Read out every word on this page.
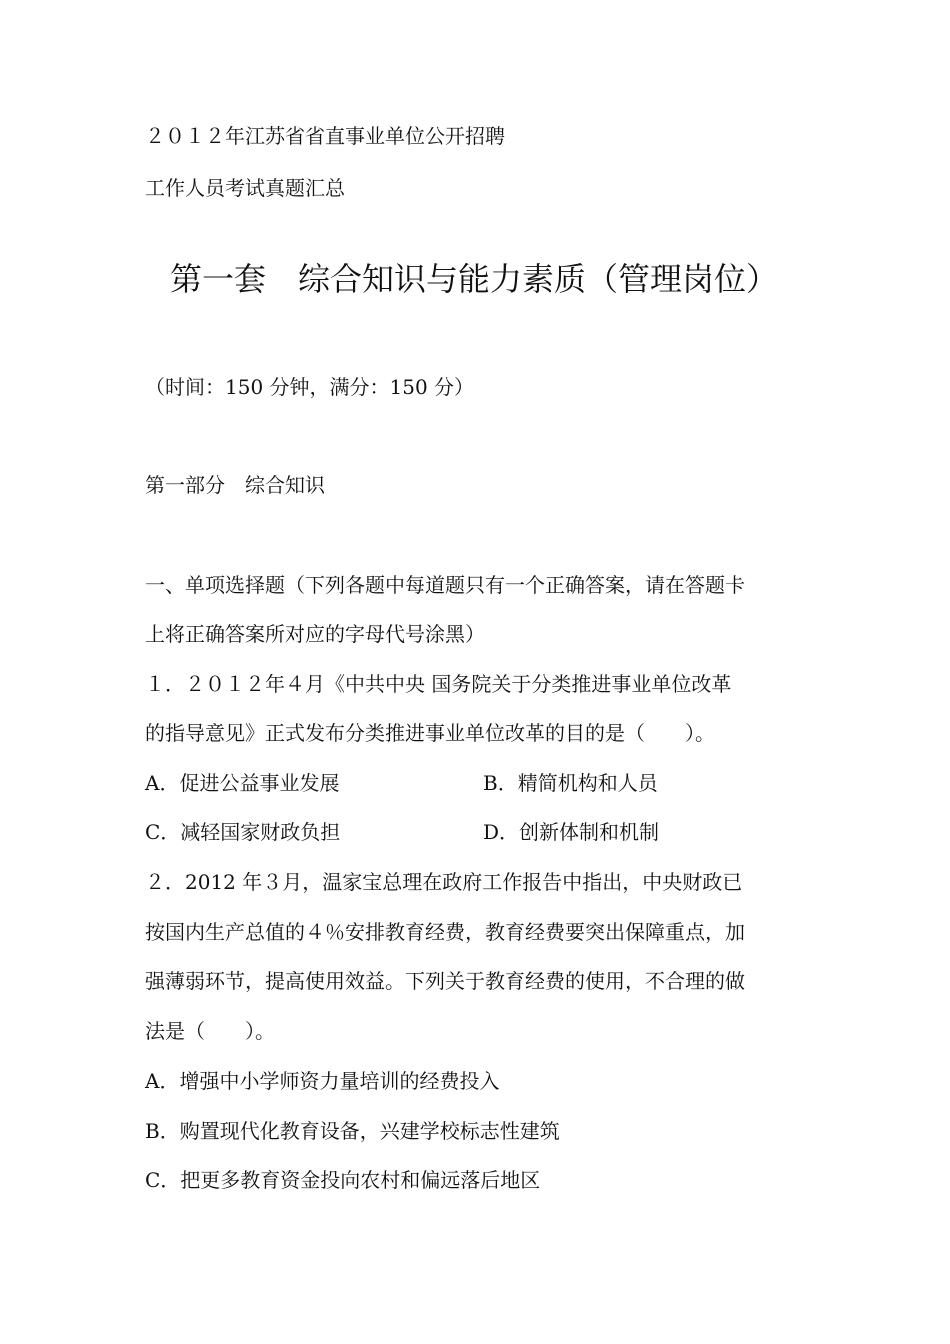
２０１２年江苏省省直事业单位公开招聘
工作人员考试真题汇总
第一套　综合知识与能力素质（管理岗位）
（时间：150 分钟，满分：150 分）
第一部分　综合知识
一、单项选择题（下列各题中每道题只有一个正确答案，请在答题卡
上将正确答案所对应的字母代号涂黑）
１．２０１２年４月《中共中央 国务院关于分类推进事业单位改革
的指导意见》正式发布分类推进事业单位改革的目的是（　　）。
A．促进公益事业发展	B．精简机构和人员
C．减轻国家财政负担	D．创新体制和机制
２．2012 年３月，温家宝总理在政府工作报告中指出，中央财政已
按国内生产总值的４％安排教育经费，教育经费要突出保障重点，加
强薄弱环节，提高使用效益。下列关于教育经费的使用，不合理的做
法是（　　）。
A．增强中小学师资力量培训的经费投入
B．购置现代化教育设备，兴建学校标志性建筑
C．把更多教育资金投向农村和偏远落后地区
